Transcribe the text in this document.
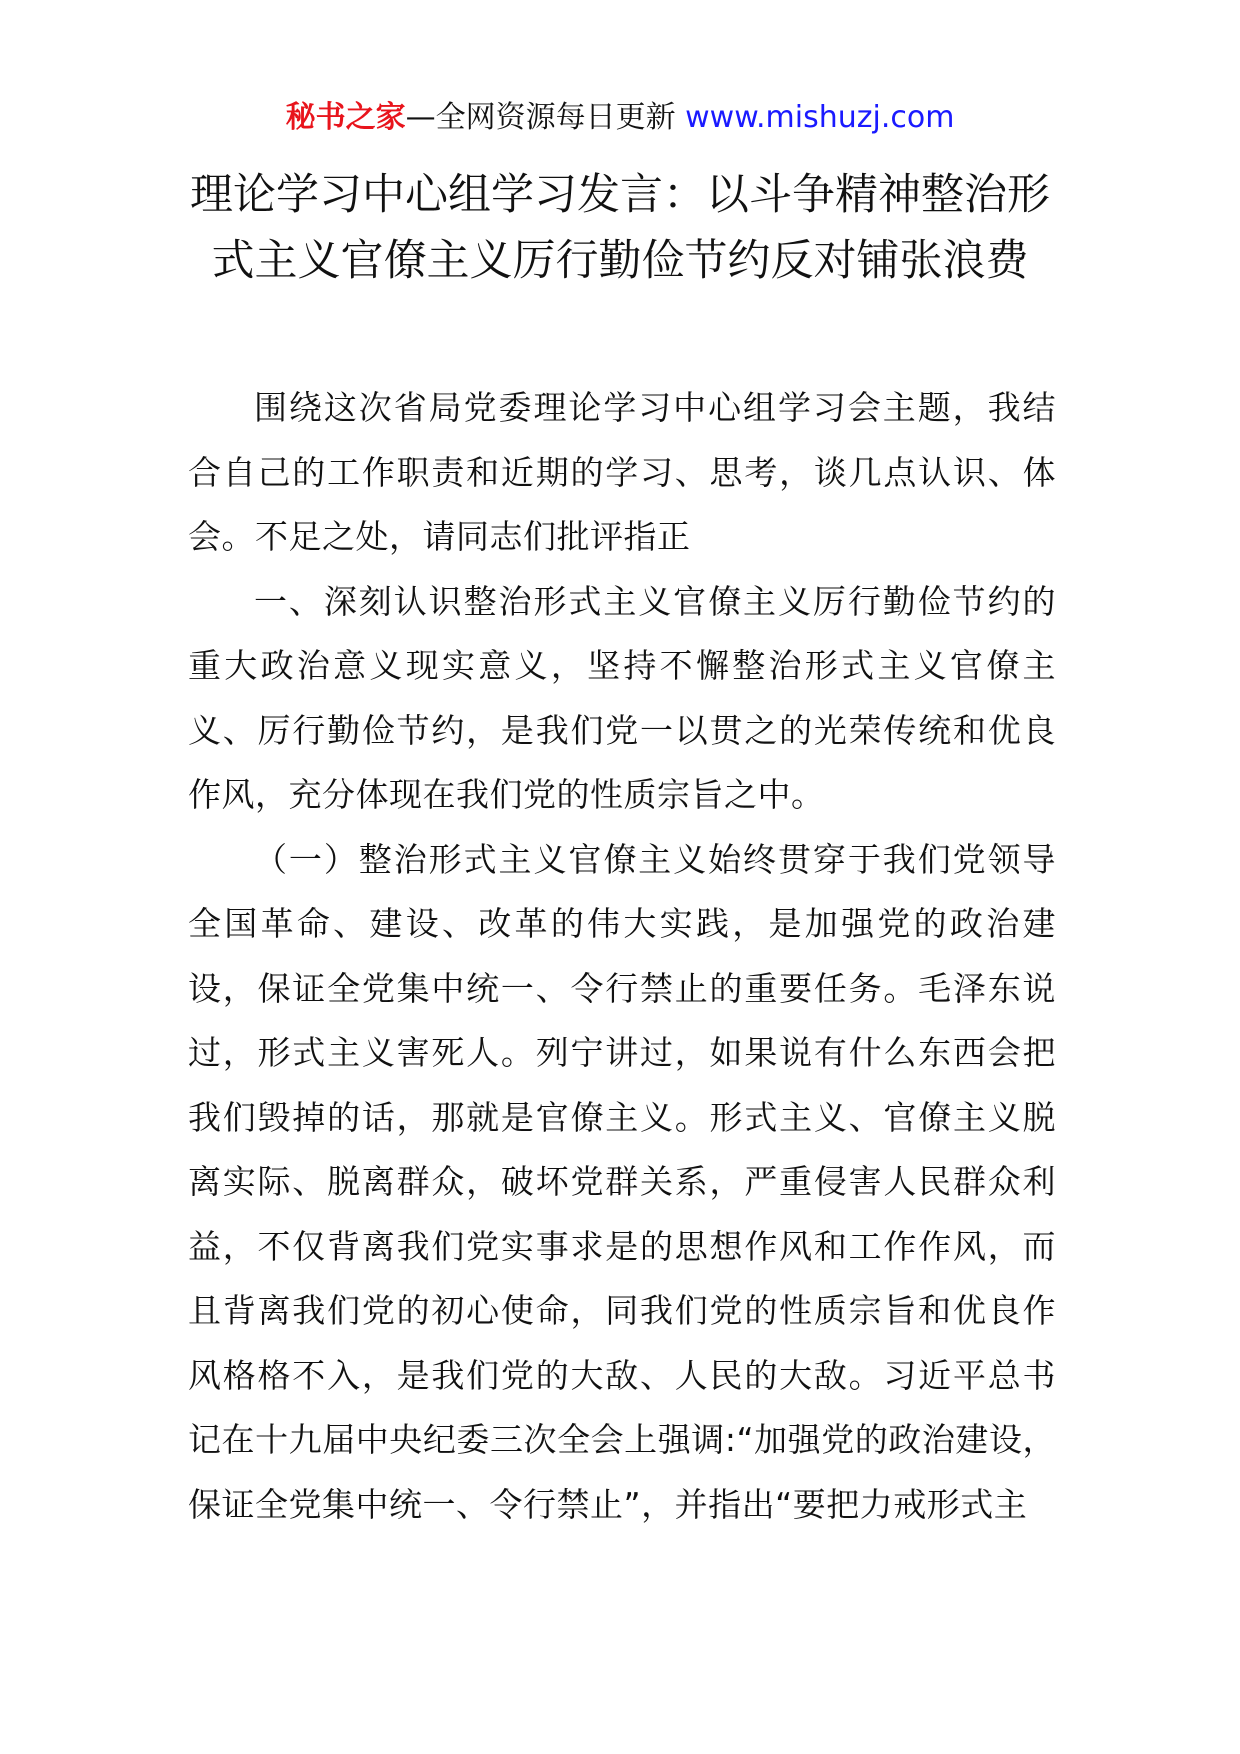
秘书之家—全网资源每日更新 www.mishuzj.com
理论学习中心组学习发言：以斗争精神整治形式主义官僚主义厉行勤俭节约反对铺张浪费

围绕这次省局党委理论学习中心组学习会主题，我结合自己的工作职责和近期的学习、思考，谈几点认识、体会。不足之处，请同志们批评指正

一、深刻认识整治形式主义官僚主义厉行勤俭节约的重大政治意义现实意义，坚持不懈整治形式主义官僚主义、厉行勤俭节约，是我们党一以贯之的光荣传统和优良作风，充分体现在我们党的性质宗旨之中。

（一）整治形式主义官僚主义始终贯穿于我们党领导全国革命、建设、改革的伟大实践，是加强党的政治建设，保证全党集中统一、令行禁止的重要任务。毛泽东说过，形式主义害死人。列宁讲过，如果说有什么东西会把我们毁掉的话，那就是官僚主义。形式主义、官僚主义脱离实际、脱离群众，破坏党群关系，严重侵害人民群众利益，不仅背离我们党实事求是的思想作风和工作作风，而且背离我们党的初心使命，同我们党的性质宗旨和优良作风格格不入，是我们党的大敌、人民的大敌。习近平总书记在十九届中央纪委三次全会上强调:“加强党的政治建设，保证全党集中统一、令行禁止”，并指出“要把力戒形式主
